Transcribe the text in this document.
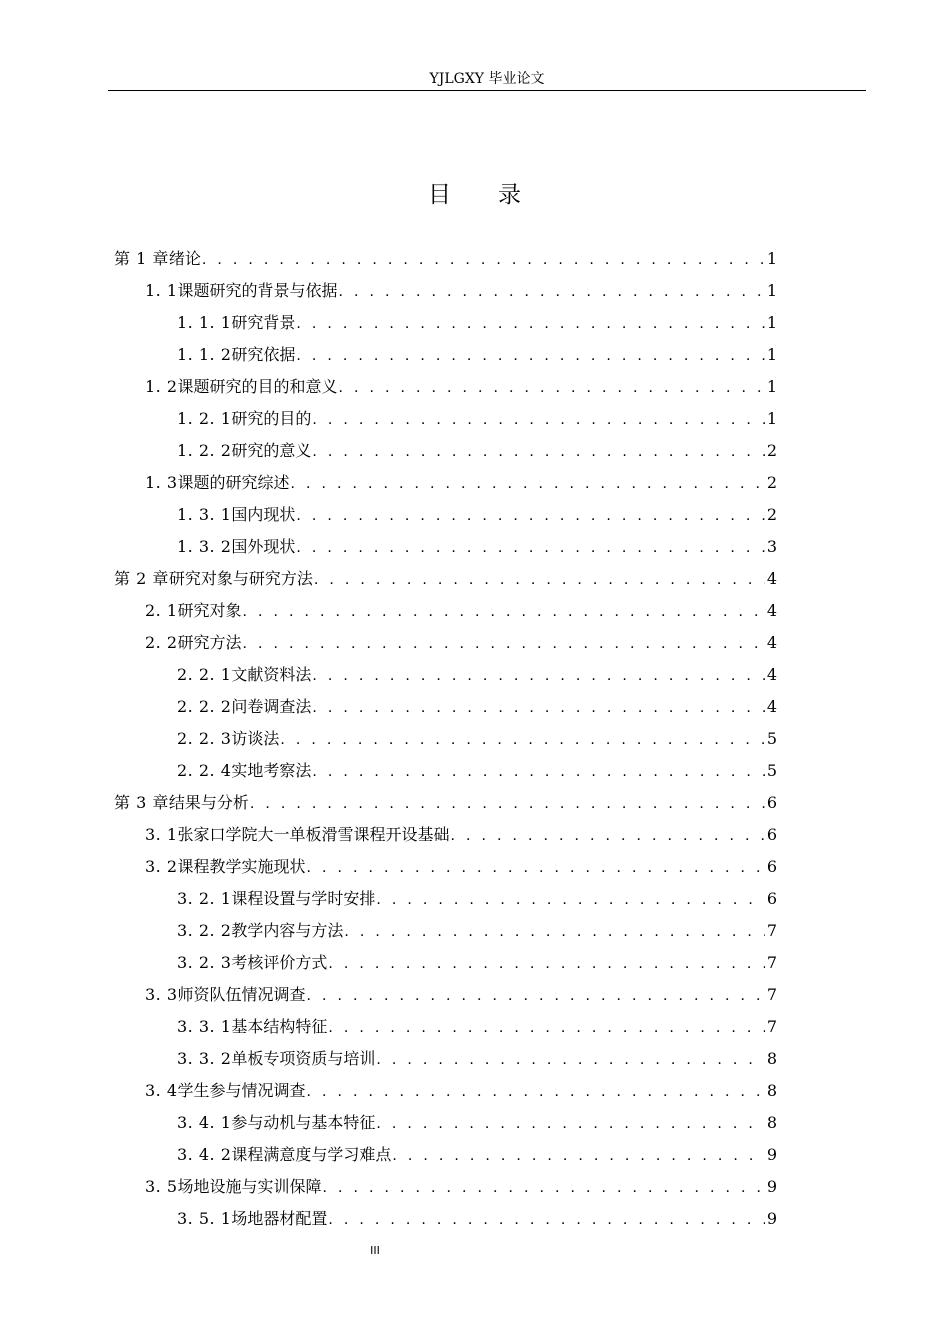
YJLGXY 毕业论文
目 录
第 1 章 绪论 . . .	1
1. 1 课题研究的背景与依据 . . .	1
1. 1. 1 研究背景 . . .	1
1. 1. 2 研究依据 . . .	1
1. 2 课题研究的目的和意义 . . .	1
1. 2. 1 研究的目的 . . .	1
1. 2. 2 研究的意义 . . .	2
1. 3 课题的研究综述 . . .	2
1. 3. 1 国内现状 . . .	2
1. 3. 2 国外现状 . . .	3
第 2 章 研究对象与研究方法 . . .	4
2. 1 研究对象 . . .	4
2. 2 研究方法 . . .	4
2. 2. 1 文献资料法 . . .	4
2. 2. 2 问卷调查法 . . .	4
2. 2. 3 访谈法 . . .	5
2. 2. 4 实地考察法 . . .	5
第 3 章 结果与分析 . . .	6
3. 1 张家口学院大一单板滑雪课程开设基础 . . .	6
3. 2 课程教学实施现状 . . .	6
3. 2. 1 课程设置与学时安排 . . .	6
3. 2. 2 教学内容与方法 . . .	7
3. 2. 3 考核评价方式 . . .	7
3. 3 师资队伍情况调查 . . .	7
3. 3. 1 基本结构特征 . . .	7
3. 3. 2 单板专项资质与培训 . . .	8
3. 4 学生参与情况调查 . . .	8
3. 4. 1 参与动机与基本特征 . . .	8
3. 4. 2 课程满意度与学习难点 . . .	9
3. 5 场地设施与实训保障 . . .	9
3. 5. 1 场地器材配置 . . .	9
III
